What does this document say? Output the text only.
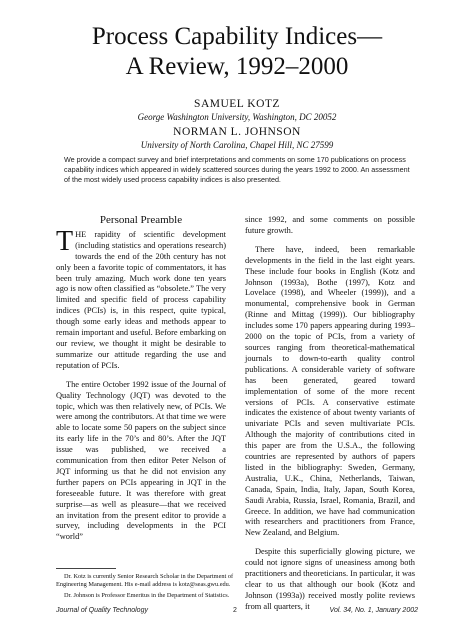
Process Capability Indices—
A Review, 1992–2000
SAMUEL KOTZ
George Washington University, Washington, DC 20052
NORMAN L. JOHNSON
University of North Carolina, Chapel Hill, NC 27599

We provide a compact survey and brief interpretations and comments on some 170 publications on process capability indices which appeared in widely scattered sources during the years 1992 to 2000. An assessment of the most widely used process capability indices is also presented.

Personal Preamble

THE rapidity of scientific development (including statistics and operations research) towards the end of the 20th century has not only been a favorite topic of commentators, it has been truly amazing. Much work done ten years ago is now often classified as “obsolete.” The very limited and specific field of process capability indices (PCIs) is, in this respect, quite typical, though some early ideas and methods appear to remain important and useful. Before embarking on our review, we thought it might be desirable to summarize our attitude regarding the use and reputation of PCIs.

The entire October 1992 issue of the Journal of Quality Technology (JQT) was devoted to the topic, which was then relatively new, of PCIs. We were among the contributors. At that time we were able to locate some 50 papers on the subject since its early life in the 70’s and 80’s. After the JQT issue was published, we received a communication from then editor Peter Nelson of JQT informing us that he did not envision any further papers on PCIs appearing in JQT in the foreseeable future. It was therefore with great surprise—as well as pleasure—that we received an invitation from the present editor to provide a survey, including developments in the PCI “world”

since 1992, and some comments on possible future growth.

There have, indeed, been remarkable developments in the field in the last eight years. These include four books in English (Kotz and Johnson (1993a), Bothe (1997), Kotz and Lovelace (1998), and Wheeler (1999)), and a monumental, comprehensive book in German (Rinne and Mittag (1999)). Our bibliography includes some 170 papers appearing during 1993–2000 on the topic of PCIs, from a variety of sources ranging from theoretical-mathematical journals to down-to-earth quality control publications. A considerable variety of software has been generated, geared toward implementation of some of the more recent versions of PCIs. A conservative estimate indicates the existence of about twenty variants of univariate PCIs and seven multivariate PCIs. Although the majority of contributions cited in this paper are from the U.S.A., the following countries are represented by authors of papers listed in the bibliography: Sweden, Germany, Australia, U.K., China, Netherlands, Taiwan, Canada, Spain, India, Italy, Japan, South Korea, Saudi Arabia, Russia, Israel, Romania, Brazil, and Greece. In addition, we have had communication with researchers and practitioners from France, New Zealand, and Belgium.

Despite this superficially glowing picture, we could not ignore signs of uneasiness among both practitioners and theoreticians. In particular, it was clear to us that although our book (Kotz and Johnson (1993a)) received mostly polite reviews from all quarters, it

Dr. Kotz is currently Senior Research Scholar in the Department of Engineering Management. His e-mail address is kotz@seas.gwu.edu.

Dr. Johnson is Professor Emeritus in the Department of Statistics.

Journal of Quality Technology	2	Vol. 34, No. 1, January 2002
